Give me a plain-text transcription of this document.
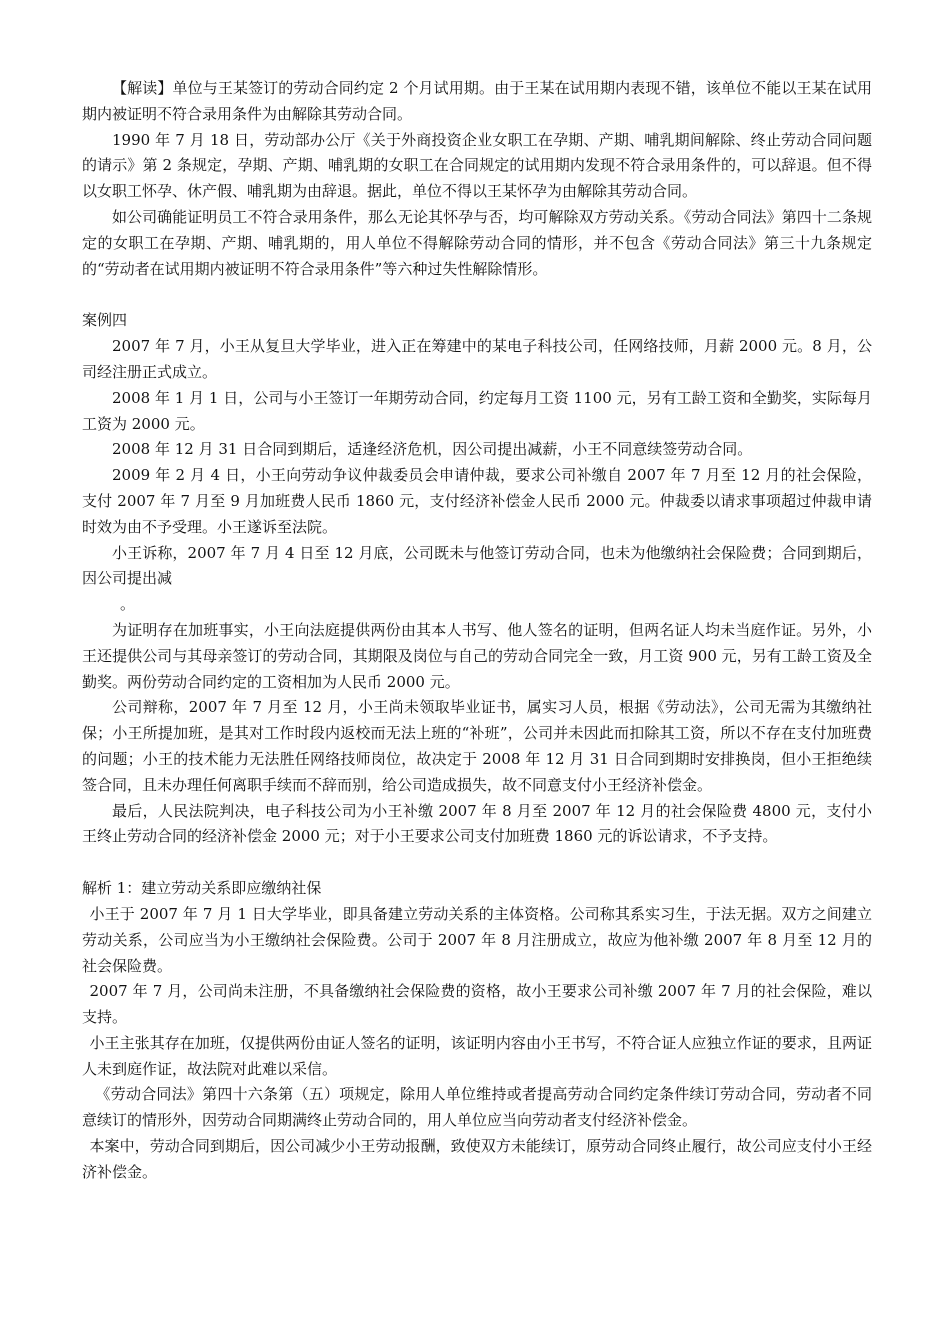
【解读】单位与王某签订的劳动合同约定 2 个月试用期。由于王某在试用期内表现不错，该单位不能以王某在试用期内被证明不符合录用条件为由解除其劳动合同。

1990 年 7 月 18 日，劳动部办公厅《关于外商投资企业女职工在孕期、产期、哺乳期间解除、终止劳动合同问题的请示》第 2 条规定，孕期、产期、哺乳期的女职工在合同规定的试用期内发现不符合录用条件的，可以辞退。但不得以女职工怀孕、休产假、哺乳期为由辞退。据此，单位不得以王某怀孕为由解除其劳动合同。

如公司确能证明员工不符合录用条件，那么无论其怀孕与否，均可解除双方劳动关系。《劳动合同法》第四十二条规定的女职工在孕期、产期、哺乳期的，用人单位不得解除劳动合同的情形，并不包含《劳动合同法》第三十九条规定的“劳动者在试用期内被证明不符合录用条件”等六种过失性解除情形。

案例四

2007 年 7 月，小王从复旦大学毕业，进入正在筹建中的某电子科技公司，任网络技师，月薪 2000 元。8 月，公司经注册正式成立。

2008 年 1 月 1 日，公司与小王签订一年期劳动合同，约定每月工资 1100 元，另有工龄工资和全勤奖，实际每月工资为 2000 元。

2008 年 12 月 31 日合同到期后，适逢经济危机，因公司提出减薪，小王不同意续签劳动合同。

2009 年 2 月 4 日，小王向劳动争议仲裁委员会申请仲裁，要求公司补缴自 2007 年 7 月至 12 月的社会保险，支付 2007 年 7 月至 9 月加班费人民币 1860 元，支付经济补偿金人民币 2000 元。仲裁委以请求事项超过仲裁申请时效为由不予受理。小王遂诉至法院。

小王诉称，2007 年 7 月 4 日至 12 月底，公司既未与他签订劳动合同，也未为他缴纳社会保险费；合同到期后，因公司提出减

。

为证明存在加班事实，小王向法庭提供两份由其本人书写、他人签名的证明，但两名证人均未当庭作证。另外，小王还提供公司与其母亲签订的劳动合同，其期限及岗位与自己的劳动合同完全一致，月工资 900 元，另有工龄工资及全勤奖。两份劳动合同约定的工资相加为人民币 2000 元。

公司辩称，2007 年 7 月至 12 月，小王尚未领取毕业证书，属实习人员，根据《劳动法》，公司无需为其缴纳社保；小王所提加班，是其对工作时段内返校而无法上班的“补班”，公司并未因此而扣除其工资，所以不存在支付加班费的问题；小王的技术能力无法胜任网络技师岗位，故决定于 2008 年 12 月 31 日合同到期时安排换岗，但小王拒绝续签合同，且未办理任何离职手续而不辞而别，给公司造成损失，故不同意支付小王经济补偿金。

最后，人民法院判决，电子科技公司为小王补缴 2007 年 8 月至 2007 年 12 月的社会保险费 4800 元，支付小王终止劳动合同的经济补偿金 2000 元；对于小王要求公司支付加班费 1860 元的诉讼请求，不予支持。

解析 1：建立劳动关系即应缴纳社保

小王于 2007 年 7 月 1 日大学毕业，即具备建立劳动关系的主体资格。公司称其系实习生，于法无据。双方之间建立劳动关系，公司应当为小王缴纳社会保险费。公司于 2007 年 8 月注册成立，故应为他补缴 2007 年 8 月至 12 月的社会保险费。

2007 年 7 月，公司尚未注册，不具备缴纳社会保险费的资格，故小王要求公司补缴 2007 年 7 月的社会保险，难以支持。

小王主张其存在加班，仅提供两份由证人签名的证明，该证明内容由小王书写，不符合证人应独立作证的要求，且两证人未到庭作证，故法院对此难以采信。

《劳动合同法》第四十六条第（五）项规定，除用人单位维持或者提高劳动合同约定条件续订劳动合同，劳动者不同意续订的情形外，因劳动合同期满终止劳动合同的，用人单位应当向劳动者支付经济补偿金。

本案中，劳动合同到期后，因公司减少小王劳动报酬，致使双方未能续订，原劳动合同终止履行，故公司应支付小王经济补偿金。
